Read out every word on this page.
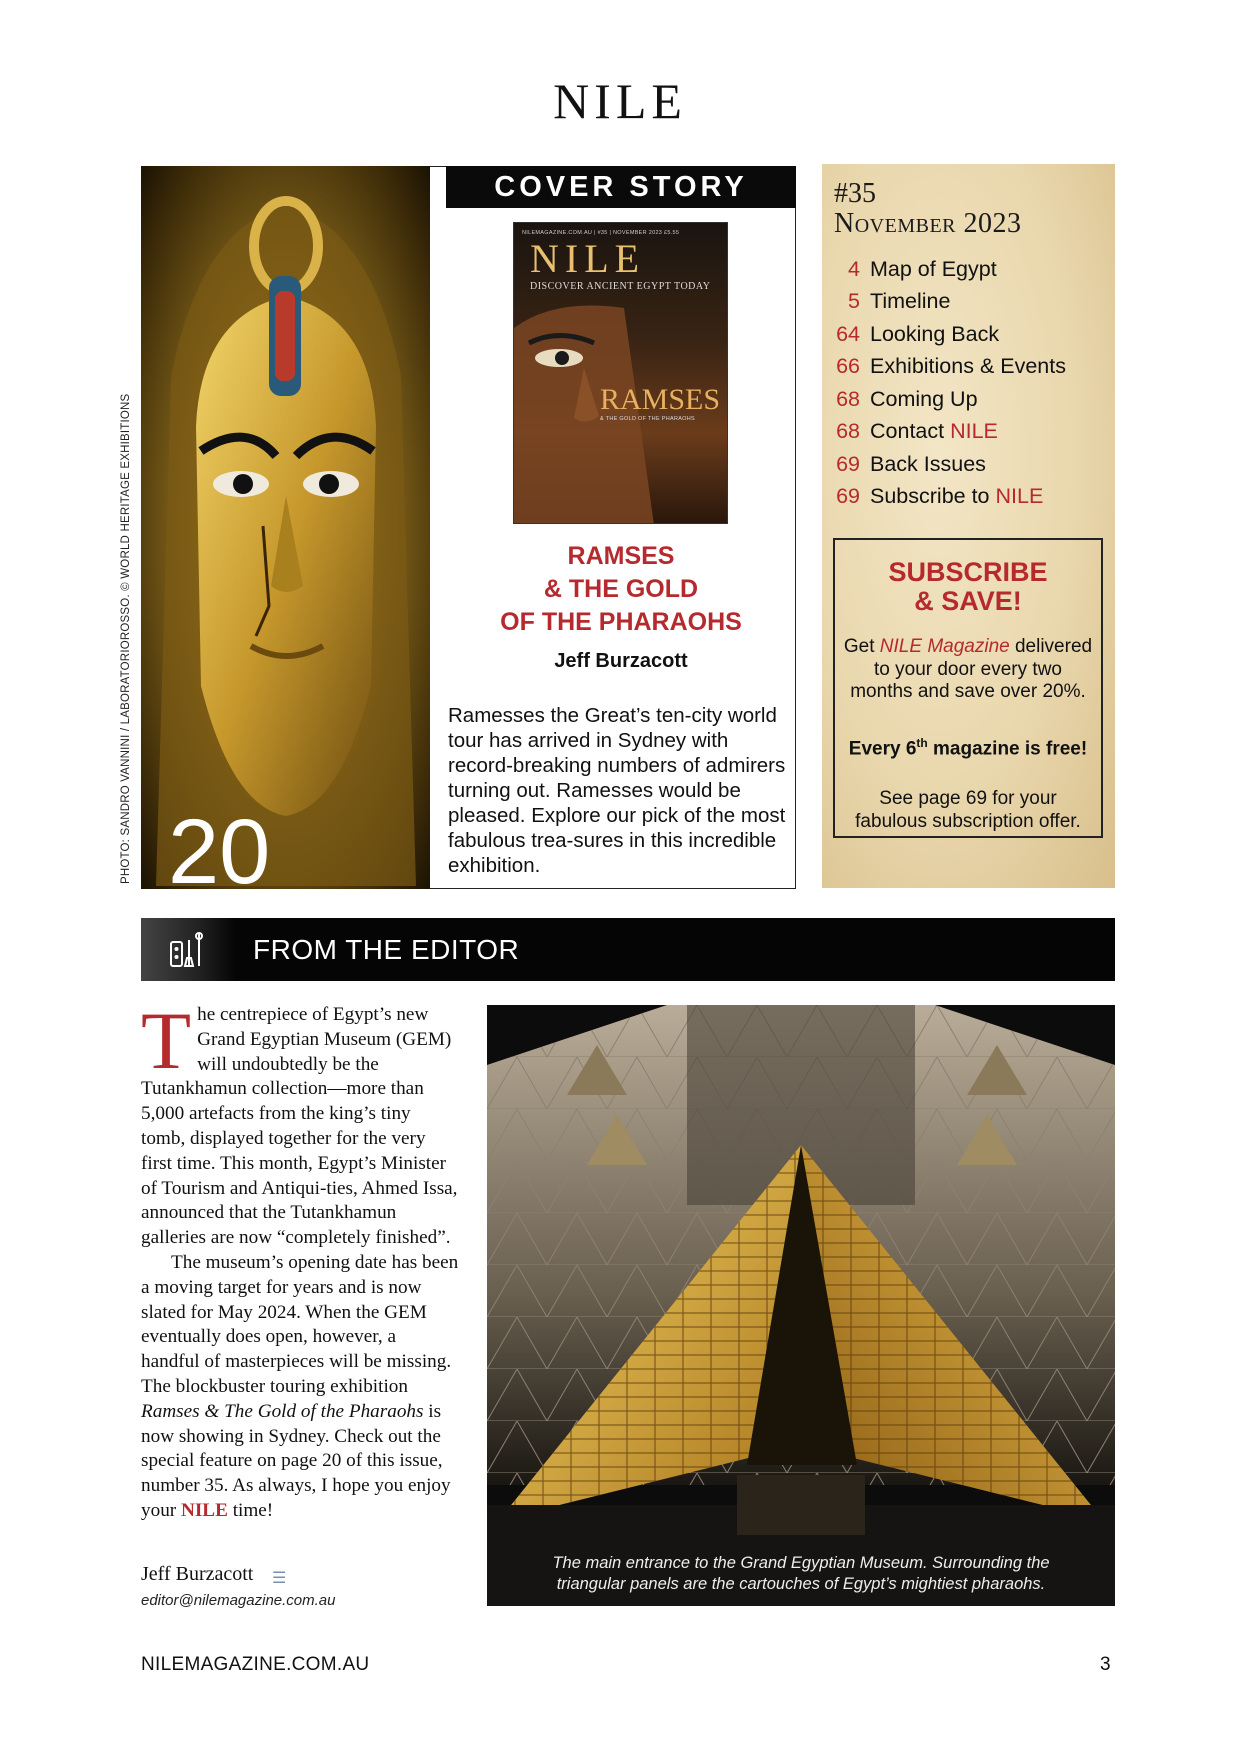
NILE
20
PHOTO: SANDRO VANNINI / LABORATORIOROSSO. © WORLD HERITAGE EXHIBITIONS
COVER STORY
NILEMAGAZINE.COM.AU | #35 | NOVEMBER 2023 £5.55
NILE
DISCOVER ANCIENT EGYPT TODAY
RAMSES
& THE GOLD OF THE PHARAOHS
RAMSES
& THE GOLD
OF THE PHARAOHS
Jeff Burzacott
Ramesses the Great’s ten-city world tour has arrived in Sydney with record-breaking numbers of admirers turning out. Ramesses would be pleased. Explore our pick of the most fabulous trea-sures in this incredible exhibition.
#35
November 2023
4 Map of Egypt
5 Timeline
64 Looking Back
66 Exhibitions & Events
68 Coming Up
68 Contact NILE
69 Back Issues
69 Subscribe to NILE
SUBSCRIBE
& SAVE!
Get NILE Magazine delivered to your door every two months and save over 20%.
Every 6th magazine is free!
See page 69 for your fabulous subscription offer.
FROM THE EDITOR

The centrepiece of Egypt’s new Grand Egyptian Museum (GEM) will undoubtedly be the Tutankhamun collection—more than 5,000 artefacts from the king’s tiny tomb, displayed together for the very first time. This month, Egypt’s Minister of Tourism and Antiqui-ties, Ahmed Issa, announced that the Tutankhamun galleries are now “completely finished”.

The museum’s opening date has been a moving target for years and is now slated for May 2024. When the GEM eventually does open, however, a handful of masterpieces will be missing. The blockbuster touring exhibition Ramses & The Gold of the Pharaohs is now showing in Sydney. Check out the special feature on page 20 of this issue, number 35. As always, I hope you enjoy your NILE time!

Jeff Burzacott ☰
editor@nilemagazine.com.au
The main entrance to the Grand Egyptian Museum. Surrounding the
triangular panels are the cartouches of Egypt’s mightiest pharaohs.
NILEMAGAZINE.COM.AU	3
